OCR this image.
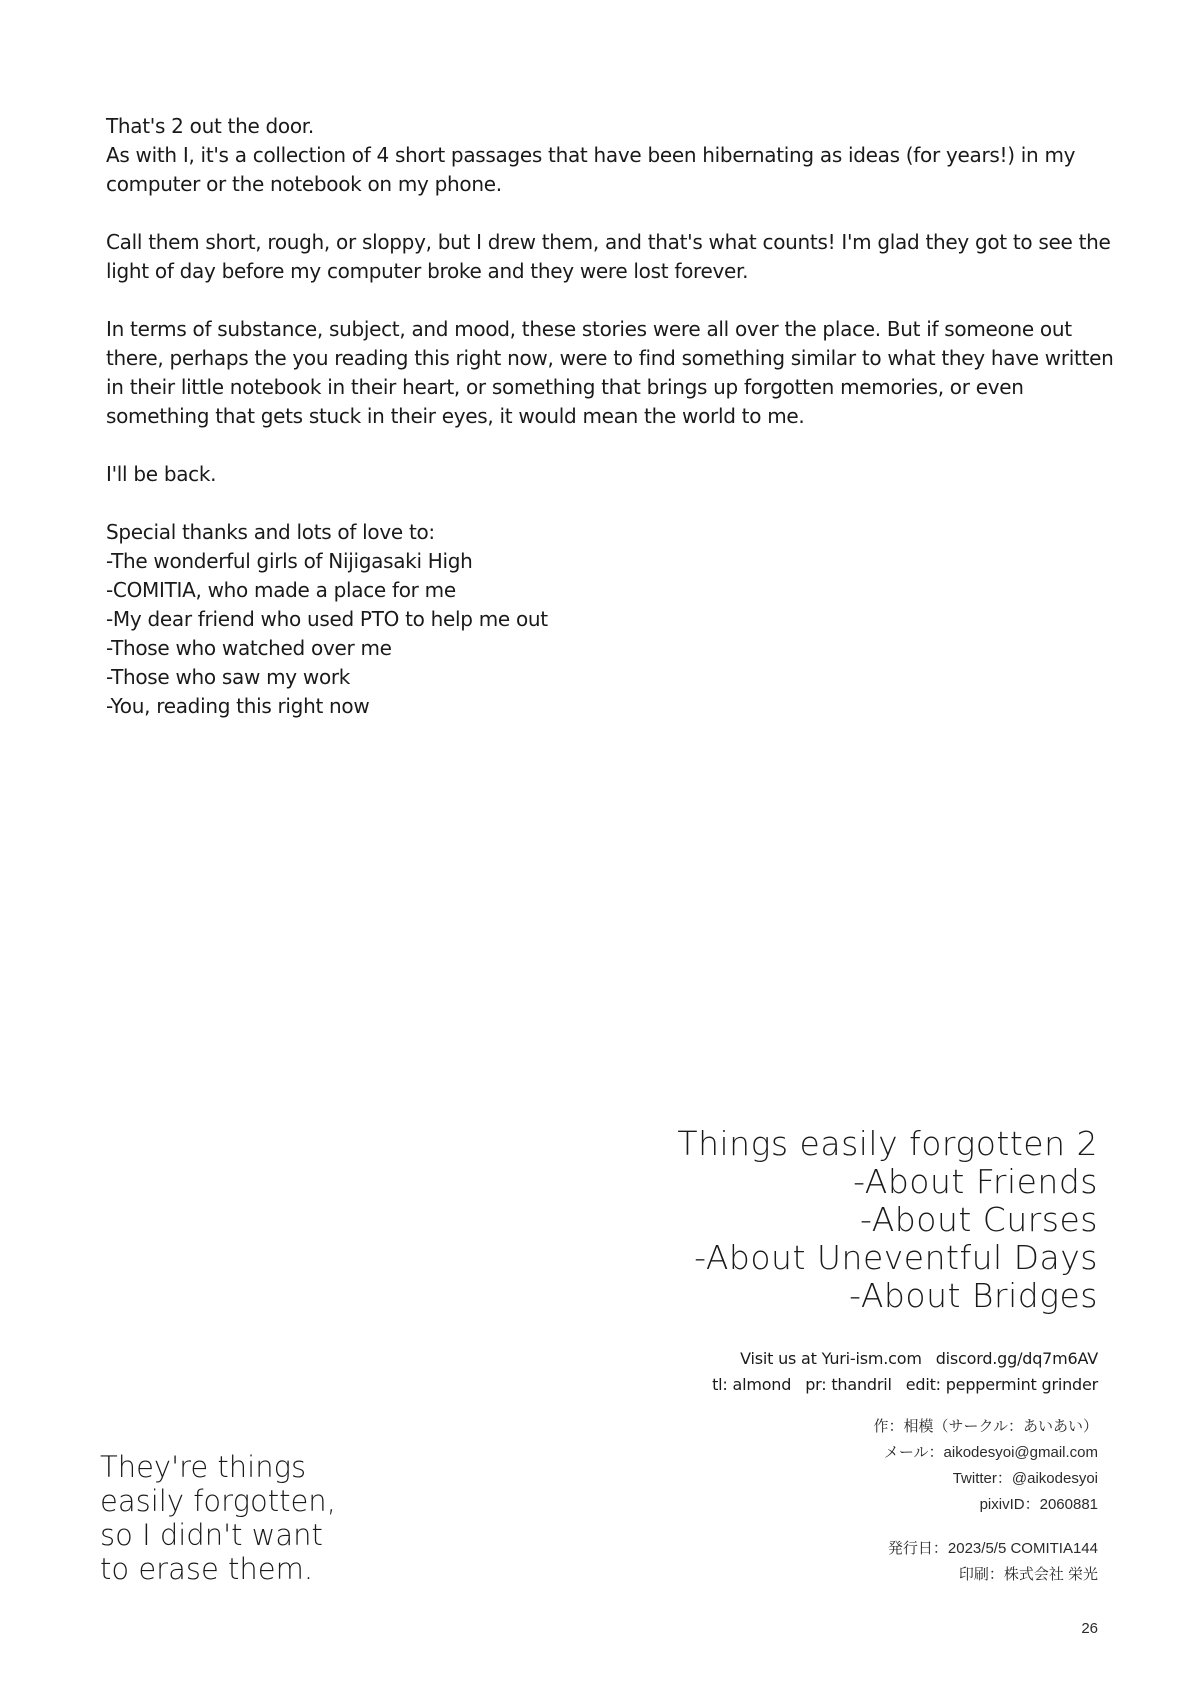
That's 2 out the door.

As with I, it's a collection of 4 short passages that have been hibernating as ideas (for years!) in my computer or the notebook on my phone.

Call them short, rough, or sloppy, but I drew them, and that's what counts! I'm glad they got to see the light of day before my computer broke and they were lost forever.

In terms of substance, subject, and mood, these stories were all over the place. But if someone out there, perhaps the you reading this right now, were to find something similar to what they have written in their little notebook in their heart, or something that brings up forgotten memories, or even something that gets stuck in their eyes, it would mean the world to me.

I'll be back.

Special thanks and lots of love to:
-The wonderful girls of Nijigasaki High
-COMITIA, who made a place for me
-My dear friend who used PTO to help me out
-Those who watched over me
-Those who saw my work
-You, reading this right now
Things easily forgotten 2
-About Friends
-About Curses
-About Uneventful Days
-About Bridges
Visit us at Yuri-ism.com discord.gg/dq7m6AV
tl: almond pr: thandril edit: peppermint grinder
作：相模（サークル：あいあい）
メール：aikodesyoi@gmail.com
Twitter：@aikodesyoi
pixivID：2060881
発行日：2023/5/5 COMITIA144
印刷：株式会社 栄光
They're things
easily forgotten,
so I didn't want
to erase them.
26
